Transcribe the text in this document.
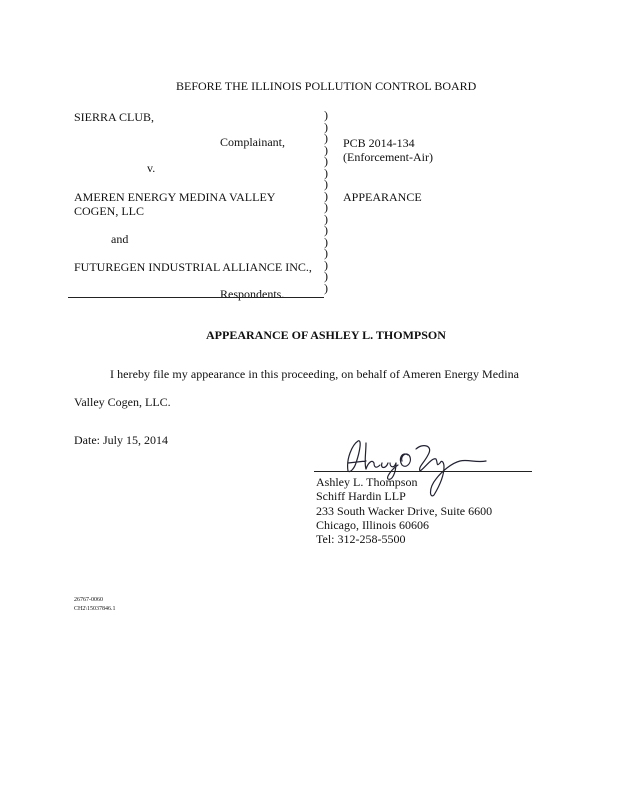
BEFORE THE ILLINOIS POLLUTION CONTROL BOARD
SIERRA CLUB,
Complainant,
v.
AMEREN ENERGY MEDINA VALLEY
COGEN, LLC
and
FUTUREGEN INDUSTRIAL ALLIANCE INC.,
Respondents.
)
)
)
)
)
)
)
)
)
)
)
)
)
)
)
)
PCB 2014-134
(Enforcement-Air)
APPEARANCE
APPEARANCE OF ASHLEY L. THOMPSON
I hereby file my appearance in this proceeding, on behalf of Ameren Energy Medina
Valley Cogen, LLC.
Date: July 15, 2014
Ashley L. Thompson
Schiff Hardin LLP
233 South Wacker Drive, Suite 6600
Chicago, Illinois 60606
Tel: 312-258-5500
26767-0060
CH2\15037846.1
